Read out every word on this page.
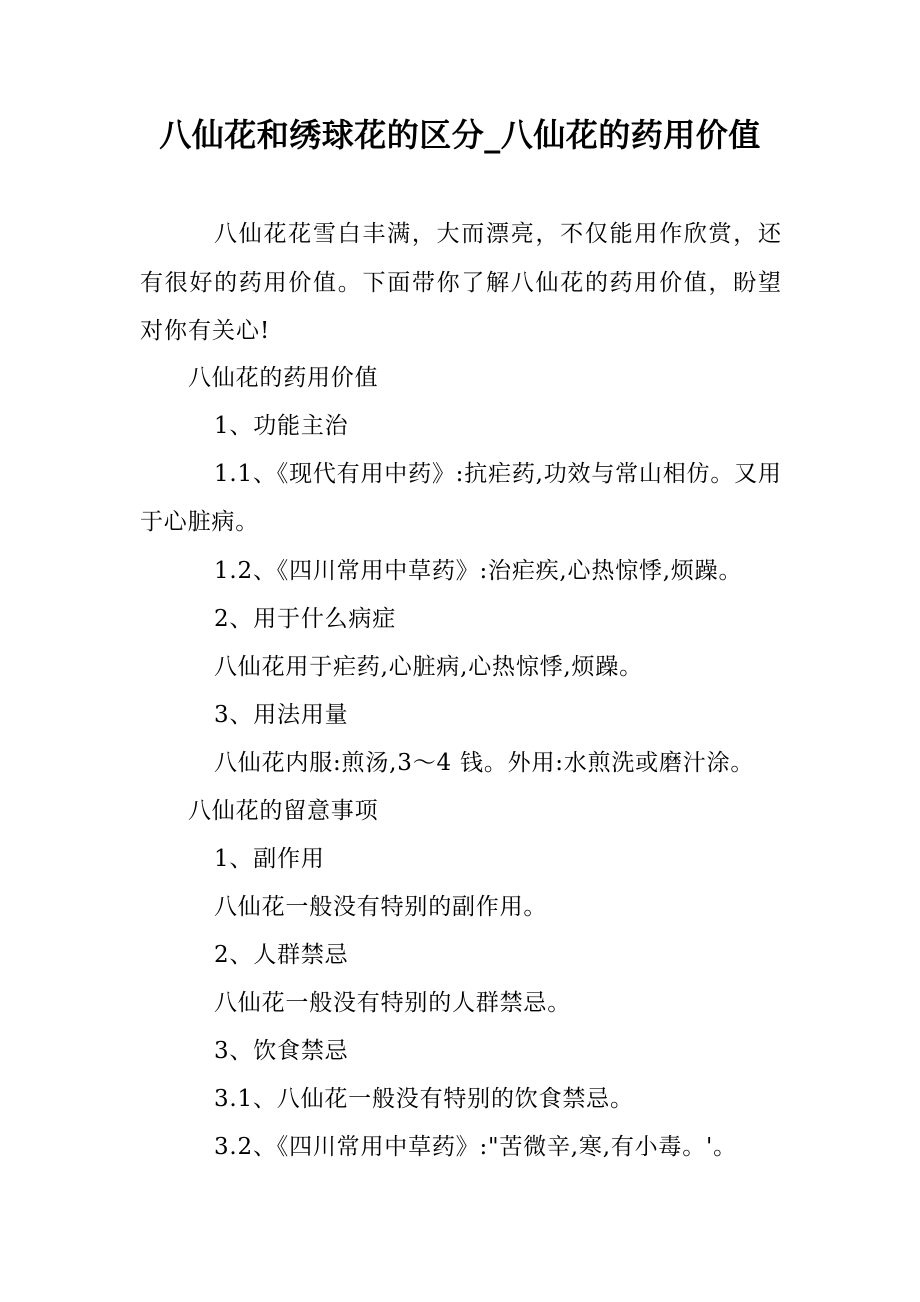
八仙花和绣球花的区分_八仙花的药用价值
八仙花花雪白丰满，大而漂亮，不仅能用作欣赏，还有很好的药用价值。下面带你了解八仙花的药用价值，盼望对你有关心!
八仙花的药用价值
1、功能主治
1.1、《现代有用中药》:抗疟药,功效与常山相仿。又用于心脏病。
1.2、《四川常用中草药》:治疟疾,心热惊悸,烦躁。
2、用于什么病症
八仙花用于疟药,心脏病,心热惊悸,烦躁。
3、用法用量
八仙花内服:煎汤,3～4 钱。外用:水煎洗或磨汁涂。
八仙花的留意事项
1、副作用
八仙花一般没有特别的副作用。
2、人群禁忌
八仙花一般没有特别的人群禁忌。
3、饮食禁忌
3.1、八仙花一般没有特别的饮食禁忌。
3.2、《四川常用中草药》:"苦微辛,寒,有小毒。'。
